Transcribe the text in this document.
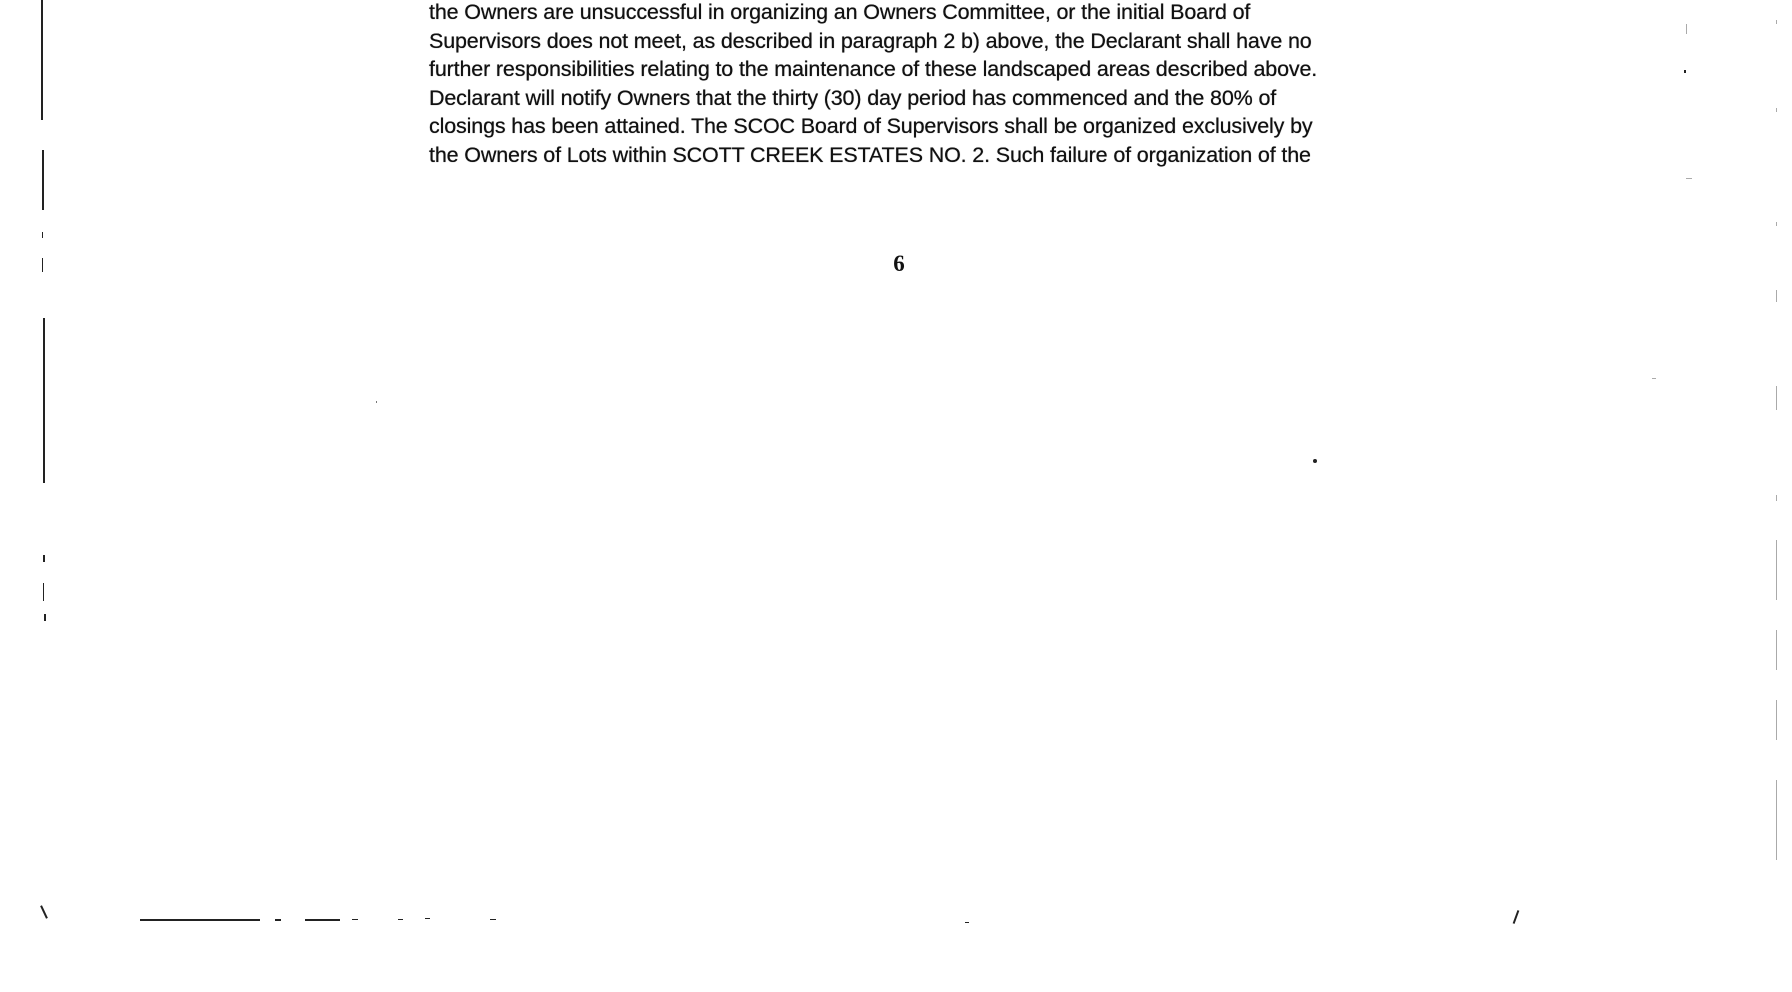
the Owners are unsuccessful in organizing an Owners Committee, or the initial Board of
Supervisors does not meet, as described in paragraph 2 b) above, the Declarant shall have no
further responsibilities relating to the maintenance of these landscaped areas described above.
Declarant will notify Owners that the thirty (30) day period has commenced and the 80% of
closings has been attained. The SCOC Board of Supervisors shall be organized exclusively by
the Owners of Lots within SCOTT CREEK ESTATES NO. 2. Such failure of organization of the
6
